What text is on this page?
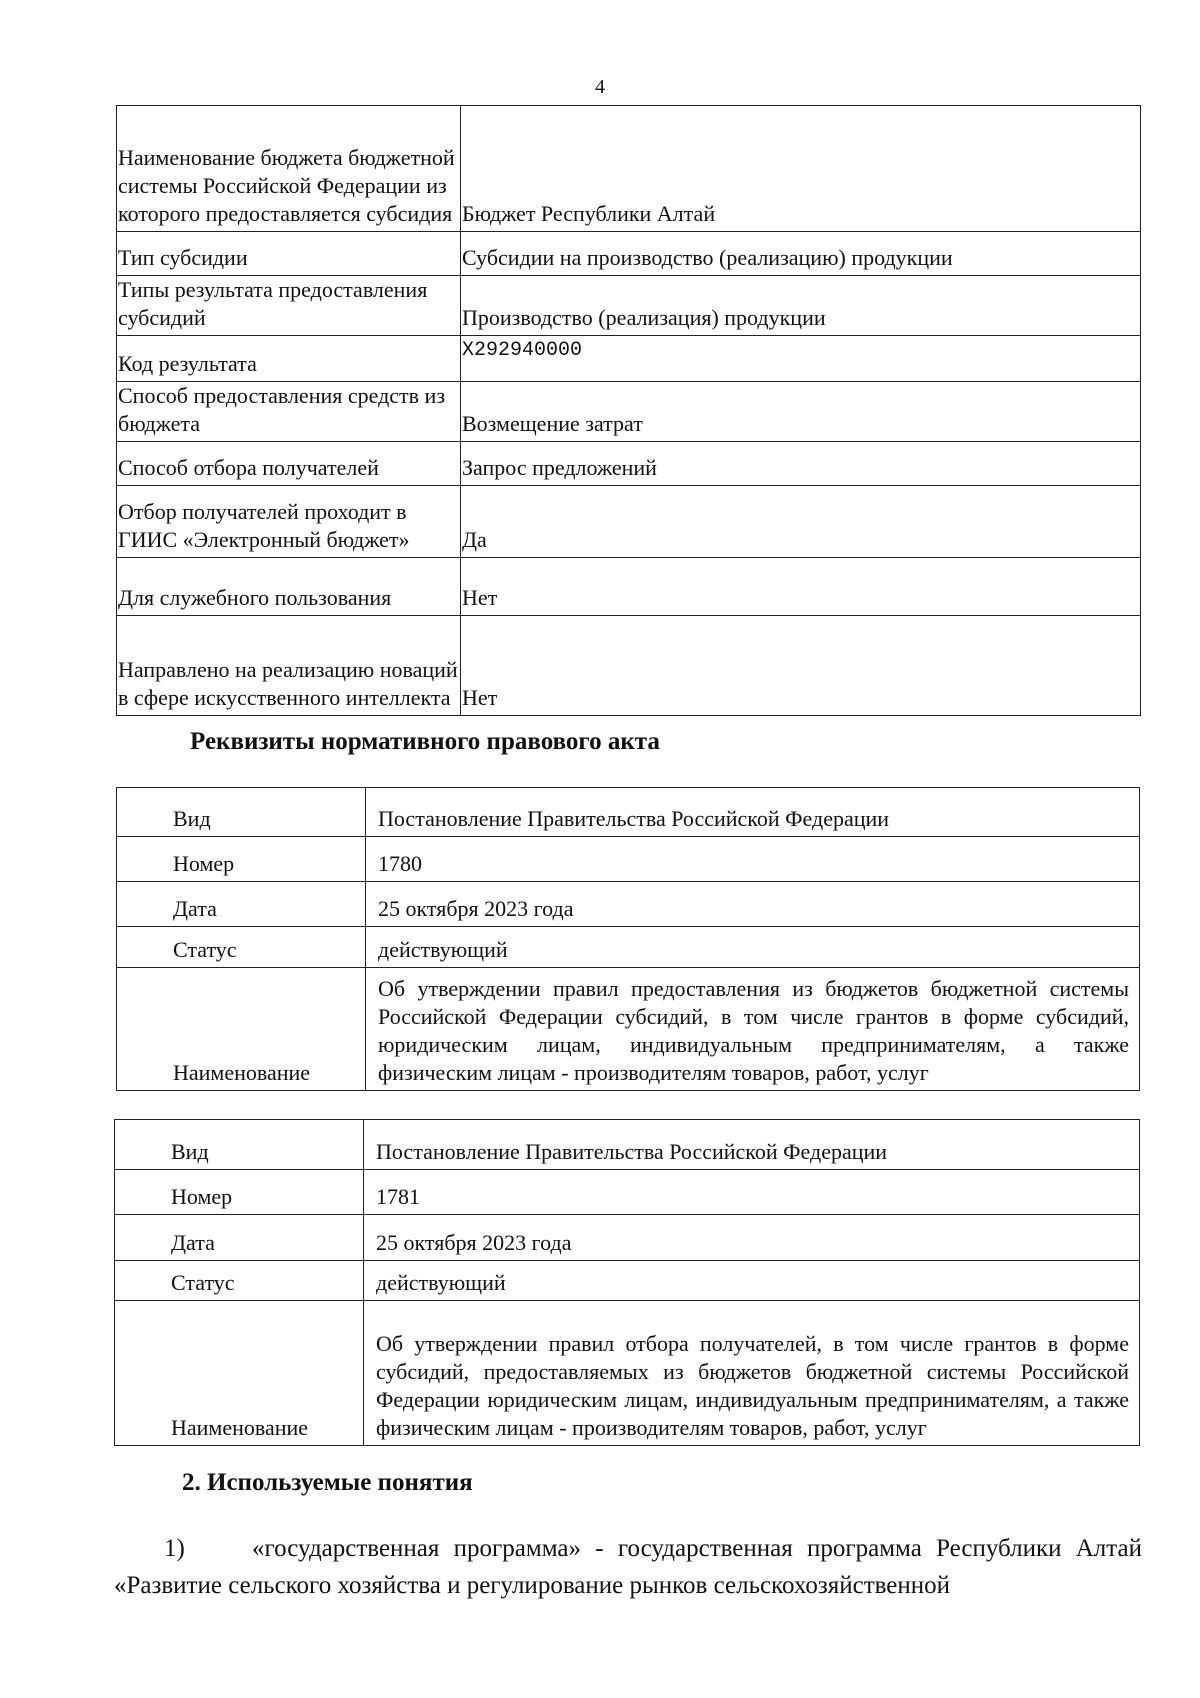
4
Наименование бюджета бюджетной системы Российской Федерации из которого предоставляется субсидия	Бюджет Республики Алтай
Тип субсидии	Субсидии на производство (реализацию) продукции
Типы результата предоставления субсидий	Производство (реализация) продукции
Код результата	X292940000
Способ предоставления средств из бюджета	Возмещение затрат
Способ отбора получателей	Запрос предложений
Отбор получателей проходит в ГИИС «Электронный бюджет»	Да
Для служебного пользования	Нет
Направлено на реализацию новаций в сфере искусственного интеллекта	Нет
Реквизиты нормативного правового акта
Вид	Постановление Правительства Российской Федерации
Номер	1780
Дата	25 октября 2023 года
Статус	действующий
Наименование	Об утверждении правил предоставления из бюджетов бюджетной системы Российской Федерации субсидий, в том числе грантов в форме субсидий, юридическим лицам, индивидуальным предпринимателям, а также физическим лицам - производителям товаров, работ, услуг
Вид	Постановление Правительства Российской Федерации
Номер	1781
Дата	25 октября 2023 года
Статус	действующий
Наименование	Об утверждении правил отбора получателей, в том числе грантов в форме субсидий, предоставляемых из бюджетов бюджетной системы Российской Федерации юридическим лицам, индивидуальным предпринимателям, а также физическим лицам - производителям товаров, работ, услуг
2. Используемые понятия
1)	«государственная программа» - государственная программа Республики Алтай «Развитие сельского хозяйства и регулирование рынков сельскохозяйственной
